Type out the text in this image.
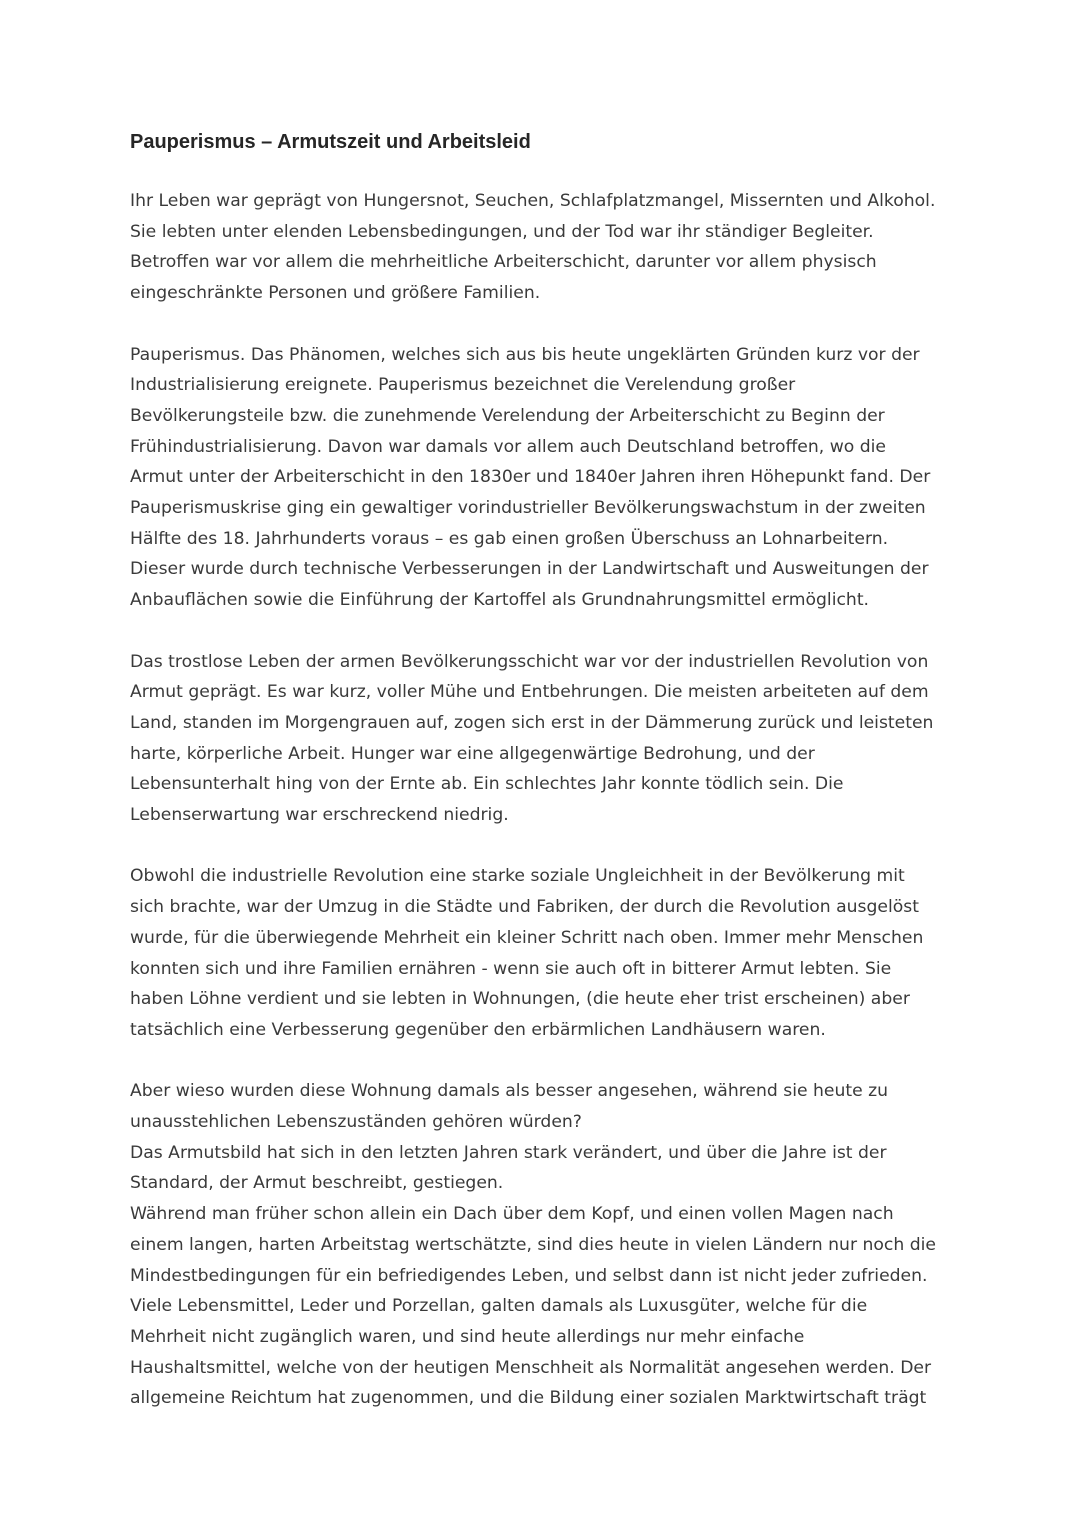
Pauperismus – Armutszeit und Arbeitsleid

Ihr Leben war geprägt von Hungersnot, Seuchen, Schlafplatzmangel, Missernten und Alkohol.
Sie lebten unter elenden Lebensbedingungen, und der Tod war ihr ständiger Begleiter.
Betroffen war vor allem die mehrheitliche Arbeiterschicht, darunter vor allem physisch
eingeschränkte Personen und größere Familien.

Pauperismus. Das Phänomen, welches sich aus bis heute ungeklärten Gründen kurz vor der
Industrialisierung ereignete. Pauperismus bezeichnet die Verelendung großer
Bevölkerungsteile bzw. die zunehmende Verelendung der Arbeiterschicht zu Beginn der
Frühindustrialisierung. Davon war damals vor allem auch Deutschland betroffen, wo die
Armut unter der Arbeiterschicht in den 1830er und 1840er Jahren ihren Höhepunkt fand. Der
Pauperismuskrise ging ein gewaltiger vorindustrieller Bevölkerungswachstum in der zweiten
Hälfte des 18. Jahrhunderts voraus – es gab einen großen Überschuss an Lohnarbeitern.
Dieser wurde durch technische Verbesserungen in der Landwirtschaft und Ausweitungen der
Anbauflächen sowie die Einführung der Kartoffel als Grundnahrungsmittel ermöglicht.

Das trostlose Leben der armen Bevölkerungsschicht war vor der industriellen Revolution von
Armut geprägt. Es war kurz, voller Mühe und Entbehrungen. Die meisten arbeiteten auf dem
Land, standen im Morgengrauen auf, zogen sich erst in der Dämmerung zurück und leisteten
harte, körperliche Arbeit. Hunger war eine allgegenwärtige Bedrohung, und der
Lebensunterhalt hing von der Ernte ab. Ein schlechtes Jahr konnte tödlich sein. Die
Lebenserwartung war erschreckend niedrig.

Obwohl die industrielle Revolution eine starke soziale Ungleichheit in der Bevölkerung mit
sich brachte, war der Umzug in die Städte und Fabriken, der durch die Revolution ausgelöst
wurde, für die überwiegende Mehrheit ein kleiner Schritt nach oben. Immer mehr Menschen
konnten sich und ihre Familien ernähren - wenn sie auch oft in bitterer Armut lebten. Sie
haben Löhne verdient und sie lebten in Wohnungen, (die heute eher trist erscheinen) aber
tatsächlich eine Verbesserung gegenüber den erbärmlichen Landhäusern waren.

Aber wieso wurden diese Wohnung damals als besser angesehen, während sie heute zu
unausstehlichen Lebenszuständen gehören würden?
Das Armutsbild hat sich in den letzten Jahren stark verändert, und über die Jahre ist der
Standard, der Armut beschreibt, gestiegen.
Während man früher schon allein ein Dach über dem Kopf, und einen vollen Magen nach
einem langen, harten Arbeitstag wertschätzte, sind dies heute in vielen Ländern nur noch die
Mindestbedingungen für ein befriedigendes Leben, und selbst dann ist nicht jeder zufrieden.
Viele Lebensmittel, Leder und Porzellan, galten damals als Luxusgüter, welche für die
Mehrheit nicht zugänglich waren, und sind heute allerdings nur mehr einfache
Haushaltsmittel, welche von der heutigen Menschheit als Normalität angesehen werden. Der
allgemeine Reichtum hat zugenommen, und die Bildung einer sozialen Marktwirtschaft trägt
